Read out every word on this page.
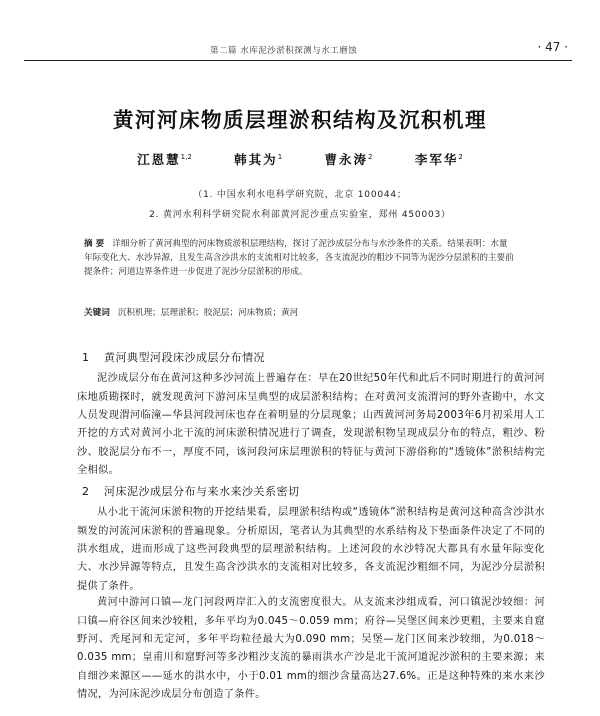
第二篇 水库泥沙淤积探测与水工磨蚀	· 47 ·
黄河河床物质层理淤积结构及沉积机理
江恩慧$^{1,2}$	韩其为$^1$	曹永涛$^2$	李军华$^2$
（1. 中国水利水电科学研究院，北京 100044；
2. 黄河水利科学研究院水利部黄河泥沙重点实验室，郑州 450003）
摘 要 详细分析了黄河典型的河床物质淤积层理结构，探讨了泥沙成层分布与水沙条件的关系。结果表明：水量年际变化大、水沙异源，且发生高含沙洪水的支流相对比较多，各支流泥沙的粗沙不同等为泥沙分层淤积的主要前提条件；河道边界条件进一步促进了泥沙分层淤积的形成。
关键词 沉积机理；层理淤积；胶泥层；河床物质；黄河
1 黄河典型河段床沙成层分布情况

泥沙成层分布在黄河这种多沙河流上普遍存在：早在20世纪50年代和此后不同时期进行的黄河河床地质勘探时，就发现黄河下游河床呈典型的成层淤积结构；在对黄河支流渭河的野外查勘中，水文人员发现渭河临潼—华县河段河床也存在着明显的分层现象；山西黄河河务局2003年6月初采用人工开挖的方式对黄河小北干流的河床淤积情况进行了调查，发现淤积物呈现成层分布的特点，粗沙、粉沙、胶泥层分布不一，厚度不同，该河段河床层理淤积的特征与黄河下游俗称的“透镜体”淤积结构完全相似。

2 河床泥沙成层分布与来水来沙关系密切

从小北干流河床淤积物的开挖结果看，层理淤积结构或“透镜体”淤积结构是黄河这种高含沙洪水频发的河流河床淤积的普遍现象。分析原因，笔者认为其典型的水系结构及下垫面条件决定了不同的洪水组成，进而形成了这些河段典型的层理淤积结构。上述河段的水沙特况大都具有水量年际变化大、水沙异源等特点，且发生高含沙洪水的支流相对比较多，各支流泥沙粗细不同，为泥沙分层淤积提供了条件。

黄河中游河口镇—龙门河段两岸汇入的支流密度很大。从支流来沙组成看，河口镇泥沙较细：河口镇—府谷区间来沙较粗，多年平均为0.045～0.059 mm；府谷—吴堡区间来沙更粗，主要来自窟野河、秃尾河和无定河，多年平均粒径最大为0.090 mm；吴堡—龙门区间来沙较细，为0.018～0.035 mm；皇甫川和窟野河等多沙粗沙支流的暴雨洪水产沙是北干流河道泥沙淤积的主要来源；来自细沙来源区——延水的洪水中，小于0.01 mm的细沙含量高达27.6%。正是这种特殊的来水来沙情况，为河床泥沙成层分布创造了条件。
